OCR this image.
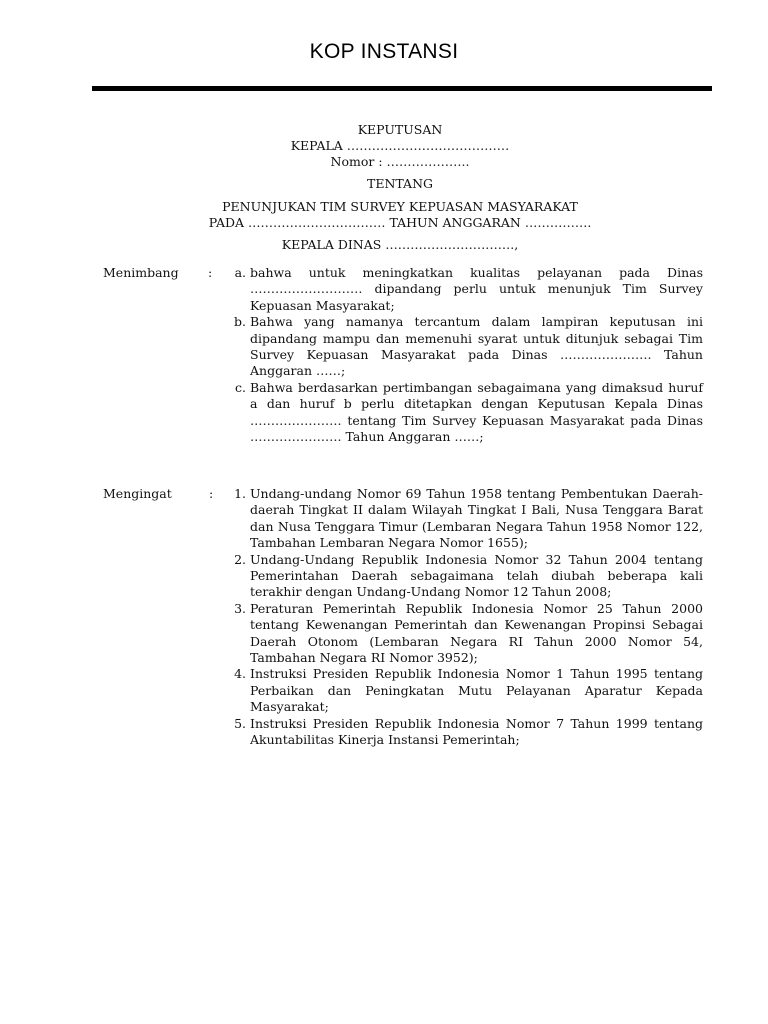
KOP INSTANSI
KEPUTUSAN
KEPALA …………………………………
Nomor : ………………..
TENTANG
PENUNJUKAN TIM SURVEY KEPUASAN MASYARAKAT
PADA …………………………… TAHUN ANGGARAN …………….
KEPALA DINAS ………………………….,
Menimbang :	a. bahwa untuk meningkatkan kualitas pelayanan pada Dinas ……………………… dipandang perlu untuk menunjuk Tim Survey Kepuasan Masyarakat;
b. Bahwa yang namanya tercantum dalam lampiran keputusan ini dipandang mampu dan memenuhi syarat untuk ditunjuk sebagai Tim Survey Kepuasan Masyarakat pada Dinas …………………. Tahun Anggaran ……;
c. Bahwa berdasarkan pertimbangan sebagaimana yang dimaksud huruf a dan huruf b perlu ditetapkan dengan Keputusan Kepala Dinas …………………. tentang Tim Survey Kepuasan Masyarakat pada Dinas …………………. Tahun Anggaran ……;
Mengingat	:	1. Undang-undang Nomor 69 Tahun 1958 tentang Pembentukan Daerah-daerah Tingkat II dalam Wilayah Tingkat I Bali, Nusa Tenggara Barat dan Nusa Tenggara Timur (Lembaran Negara Tahun 1958 Nomor 122, Tambahan Lembaran Negara Nomor 1655);
2. Undang-Undang Republik Indonesia Nomor 32 Tahun 2004 tentang Pemerintahan Daerah sebagaimana telah diubah beberapa kali terakhir dengan Undang-Undang Nomor 12 Tahun 2008;
3. Peraturan Pemerintah Republik Indonesia Nomor 25 Tahun 2000 tentang Kewenangan Pemerintah dan Kewenangan Propinsi Sebagai Daerah Otonom (Lembaran Negara RI Tahun 2000 Nomor 54, Tambahan Negara RI Nomor 3952);
4. Instruksi Presiden Republik Indonesia Nomor 1 Tahun 1995 tentang Perbaikan dan Peningkatan Mutu Pelayanan Aparatur Kepada Masyarakat;
5. Instruksi Presiden Republik Indonesia Nomor 7 Tahun 1999 tentang Akuntabilitas Kinerja Instansi Pemerintah;
